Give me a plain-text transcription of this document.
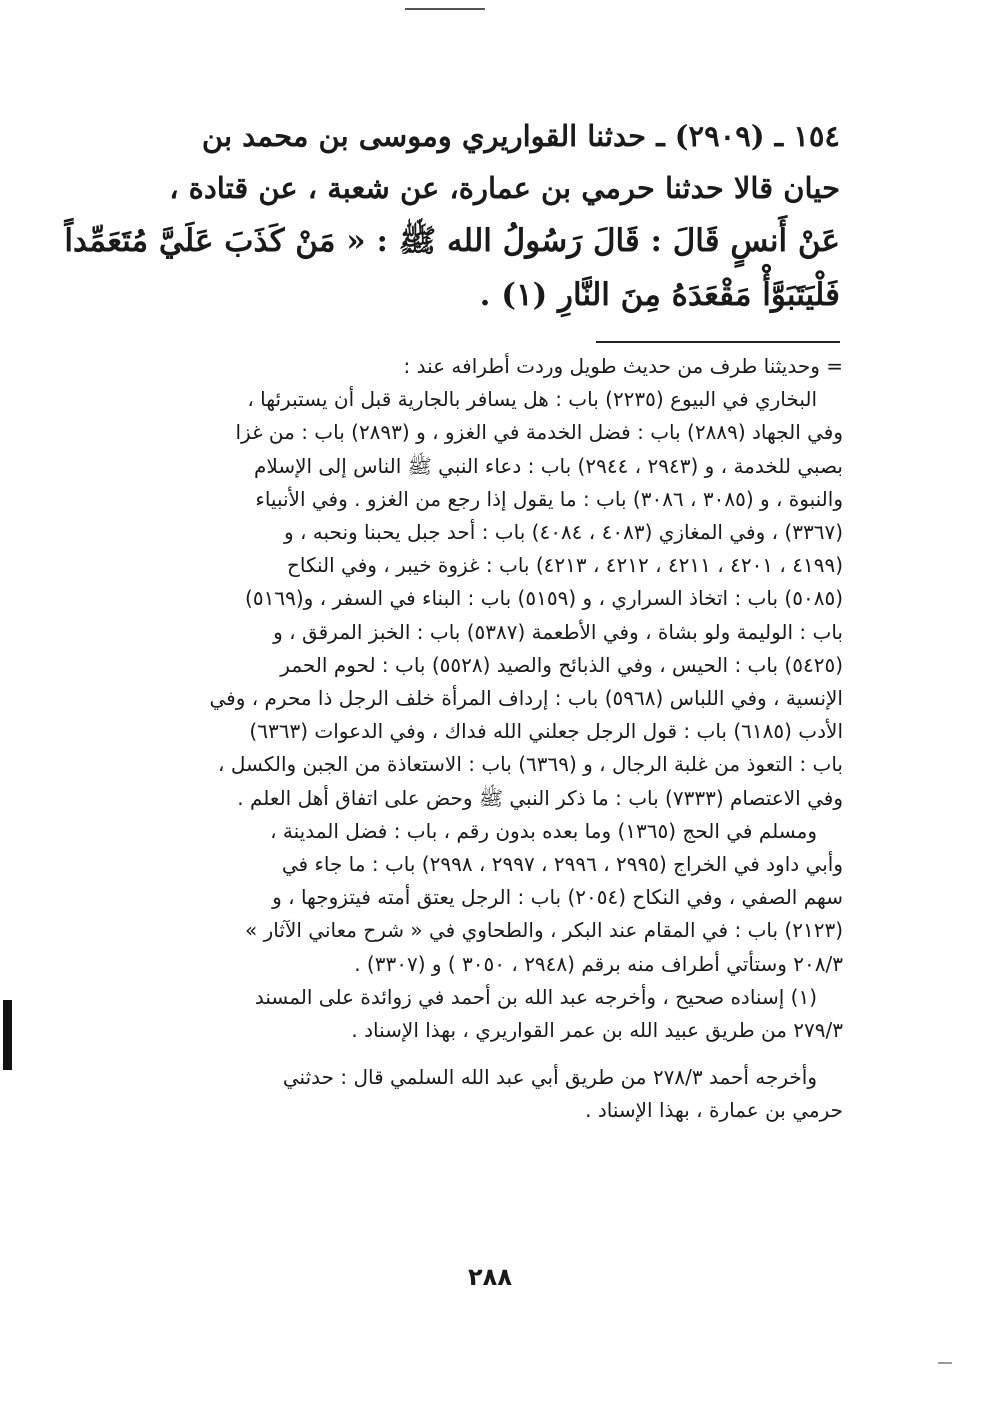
١٥٤ ـ (٢٩٠٩) ـ حدثنا القواريري وموسى بن محمد بن
حيان قالا حدثنا حرمي بن عمارة، عن شعبة ، عن قتادة ،
عَنْ أَنسٍ قَالَ : قَالَ رَسُولُ الله ﷺ : « مَنْ كَذَبَ عَلَيَّ مُتَعَمِّداً
فَلْيَتَبَوَّأْ مَقْعَدَهُ مِنَ النَّارِ (١) .
= وحديثنا طرف من حديث طويل وردت أطرافه عند :
البخاري في البيوع (٢٢٣٥) باب : هل يسافر بالجارية قبل أن يستبرئها ،
وفي الجهاد (٢٨٨٩) باب : فضل الخدمة في الغزو ، و (٢٨٩٣) باب : من غزا
بصبي للخدمة ، و (٢٩٤٣ ، ٢٩٤٤) باب : دعاء النبي ﷺ الناس إلى الإسلام
والنبوة ، و (٣٠٨٥ ، ٣٠٨٦) باب : ما يقول إذا رجع من الغزو . وفي الأنبياء
(٣٣٦٧) ، وفي المغازي (٤٠٨٣ ، ٤٠٨٤) باب : أحد جبل يحبنا ونحبه ، و
(٤١٩٩ ، ٤٢٠١ ، ٤٢١١ ، ٤٢١٢ ، ٤٢١٣) باب : غزوة خيبر ، وفي النكاح
(٥٠٨٥) باب : اتخاذ السراري ، و (٥١٥٩) باب : البناء في السفر ، و(٥١٦٩)
باب : الوليمة ولو بشاة ، وفي الأطعمة (٥٣٨٧) باب : الخبز المرقق ، و
(٥٤٢٥) باب : الحيس ، وفي الذبائح والصيد (٥٥٢٨) باب : لحوم الحمر
الإنسية ، وفي اللباس (٥٩٦٨) باب : إرداف المرأة خلف الرجل ذا محرم ، وفي
الأدب (٦١٨٥) باب : قول الرجل جعلني الله فداك ، وفي الدعوات (٦٣٦٣)
باب : التعوذ من غلبة الرجال ، و (٦٣٦٩) باب : الاستعاذة من الجبن والكسل ،
وفي الاعتصام (٧٣٣٣) باب : ما ذكر النبي ﷺ وحض على اتفاق أهل العلم .
ومسلم في الحج (١٣٦٥) وما بعده بدون رقم ، باب : فضل المدينة ،
وأبي داود في الخراج (٢٩٩٥ ، ٢٩٩٦ ، ٢٩٩٧ ، ٢٩٩٨) باب : ما جاء في
سهم الصفي ، وفي النكاح (٢٠٥٤) باب : الرجل يعتق أمته فيتزوجها ، و
(٢١٢٣) باب : في المقام عند البكر ، والطحاوي في « شرح معاني الآثار »
٢٠٨/٣ وستأتي أطراف منه برقم (٢٩٤٨ ، ٣٠٥٠ ) و (٣٣٠٧) .
(١) إسناده صحيح ، وأخرجه عبد الله بن أحمد في زوائدة على المسند
٢٧٩/٣ من طريق عبيد الله بن عمر القواريري ، بهذا الإسناد .
وأخرجه أحمد ٢٧٨/٣ من طريق أبي عبد الله السلمي قال : حدثني
حرمي بن عمارة ، بهذا الإسناد .
٢٨٨
